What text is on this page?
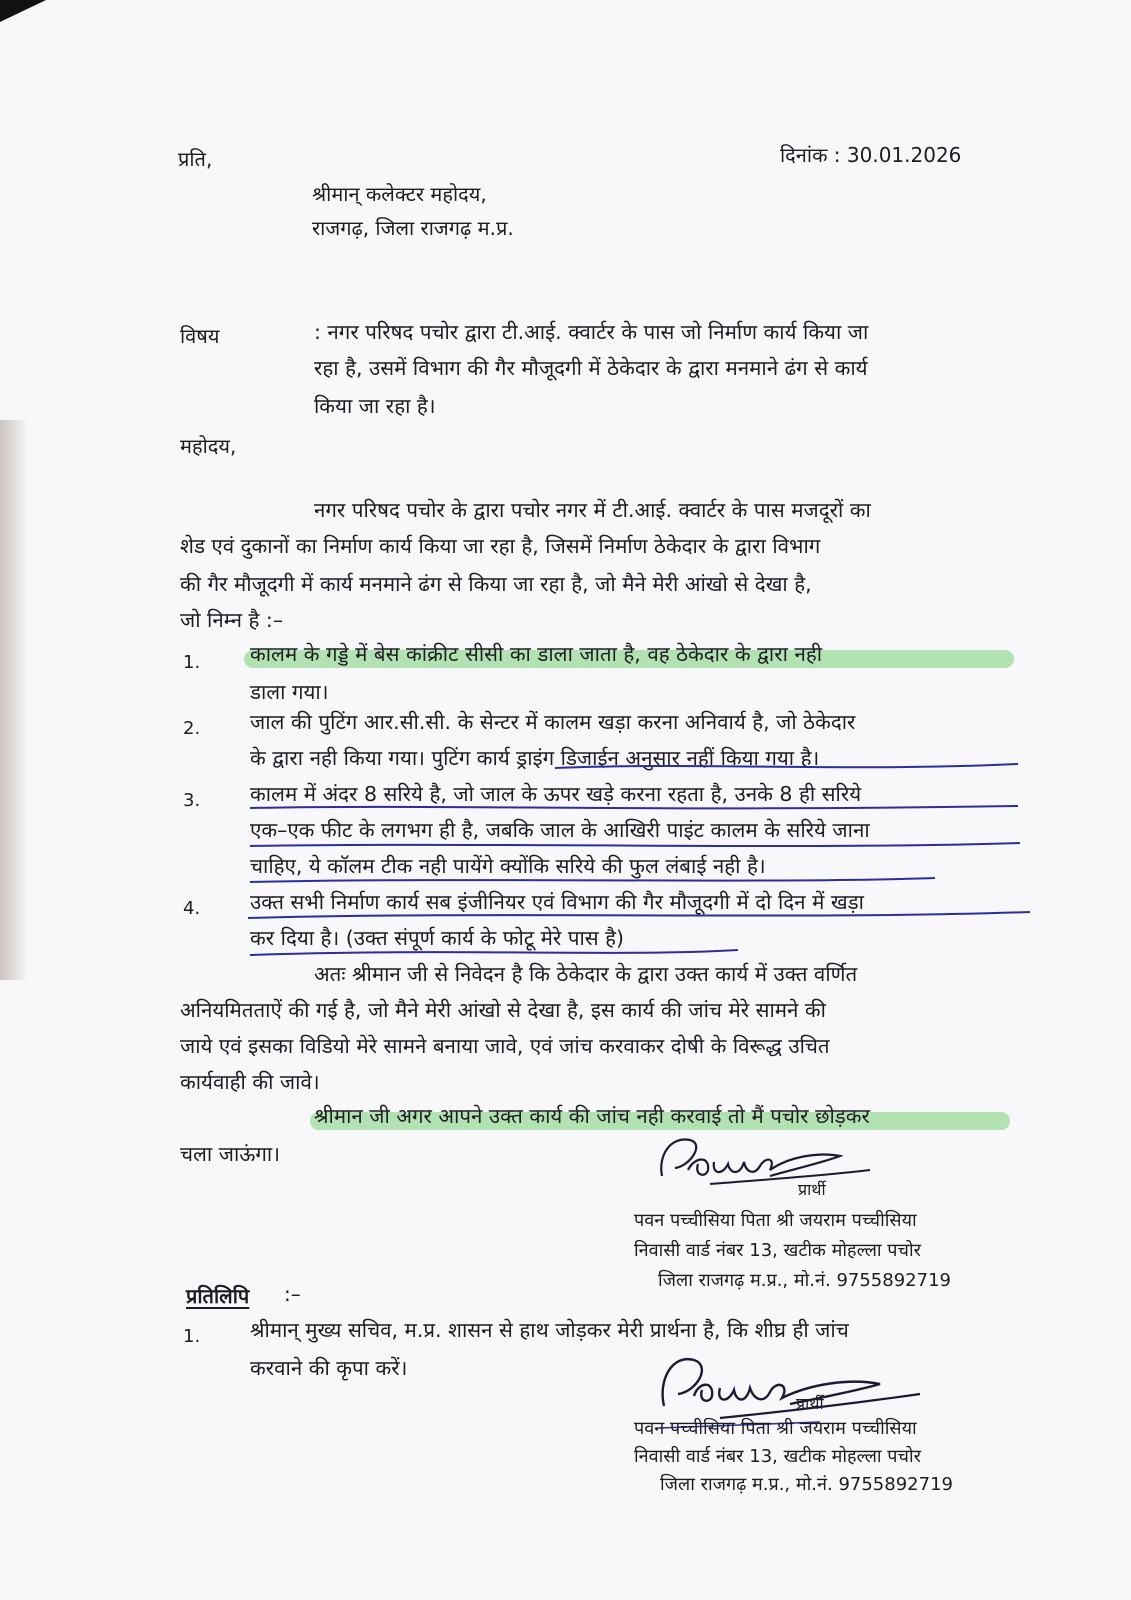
प्रति,	दिनांक : 30.01.2026
श्रीमान् कलेक्टर महोदय,
राजगढ़, जिला राजगढ़ म.प्र.
विषय	: नगर परिषद पचोर द्वारा टी.आई. क्वार्टर के पास जो निर्माण कार्य किया जा
रहा है, उसमें विभाग की गैर मौजूदगी में ठेकेदार के द्वारा मनमाने ढंग से कार्य
किया जा रहा है।
महोदय,
नगर परिषद पचोर के द्वारा पचोर नगर में टी.आई. क्वार्टर के पास मजदूरों का
शेड एवं दुकानों का निर्माण कार्य किया जा रहा है, जिसमें निर्माण ठेकेदार के द्वारा विभाग
की गैर मौजूदगी में कार्य मनमाने ढंग से किया जा रहा है, जो मैने मेरी आंखो से देखा है,
जो निम्न है :–
1. कालम के गड्डे में बेस कांक्रीट सीसी का डाला जाता है, वह ठेकेदार के द्वारा नही
डाला गया।
2. जाल की पुटिंग आर.सी.सी. के सेन्टर में कालम खड़ा करना अनिवार्य है, जो ठेकेदार
के द्वारा नही किया गया। पुटिंग कार्य ड्राइंग डिजाईन अनुसार नहीं किया गया है।
3. कालम में अंदर 8 सरिये है, जो जाल के ऊपर खड़े करना रहता है, उनके 8 ही सरिये
एक–एक फीट के लगभग ही है, जबकि जाल के आखिरी पाइंट कालम के सरिये जाना
चाहिए, ये कॉलम टीक नही पायेंगे क्योंकि सरिये की फुल लंबाई नही है।
4. उक्त सभी निर्माण कार्य सब इंजीनियर एवं विभाग की गैर मौजूदगी में दो दिन में खड़ा
कर दिया है। (उक्त संपूर्ण कार्य के फोटू मेरे पास है)
अतः श्रीमान जी से निवेदन है कि ठेकेदार के द्वारा उक्त कार्य में उक्त वर्णित
अनियमितताऐं की गई है, जो मैने मेरी आंखो से देखा है, इस कार्य की जांच मेरे सामने की
जाये एवं इसका विडियो मेरे सामने बनाया जावे, एवं जांच करवाकर दोषी के विरूद्ध उचित
कार्यवाही की जावे।
श्रीमान जी अगर आपने उक्त कार्य की जांच नही करवाई तो मैं पचोर छोड़कर
चला जाऊंगा।
प्रार्थी
पवन पच्चीसिया पिता श्री जयराम पच्चीसिया
निवासी वार्ड नंबर 13, खटीक मोहल्ला पचोर
जिला राजगढ़ म.प्र., मो.नं. 9755892719
प्रतिलिपि :–
1. श्रीमान् मुख्य सचिव, म.प्र. शासन से हाथ जोड़कर मेरी प्रार्थना है, कि शीघ्र ही जांच
करवाने की कृपा करें।
प्रार्थी
पवन पच्चीसिया पिता श्री जयराम पच्चीसिया
निवासी वार्ड नंबर 13, खटीक मोहल्ला पचोर
जिला राजगढ़ म.प्र., मो.नं. 9755892719
